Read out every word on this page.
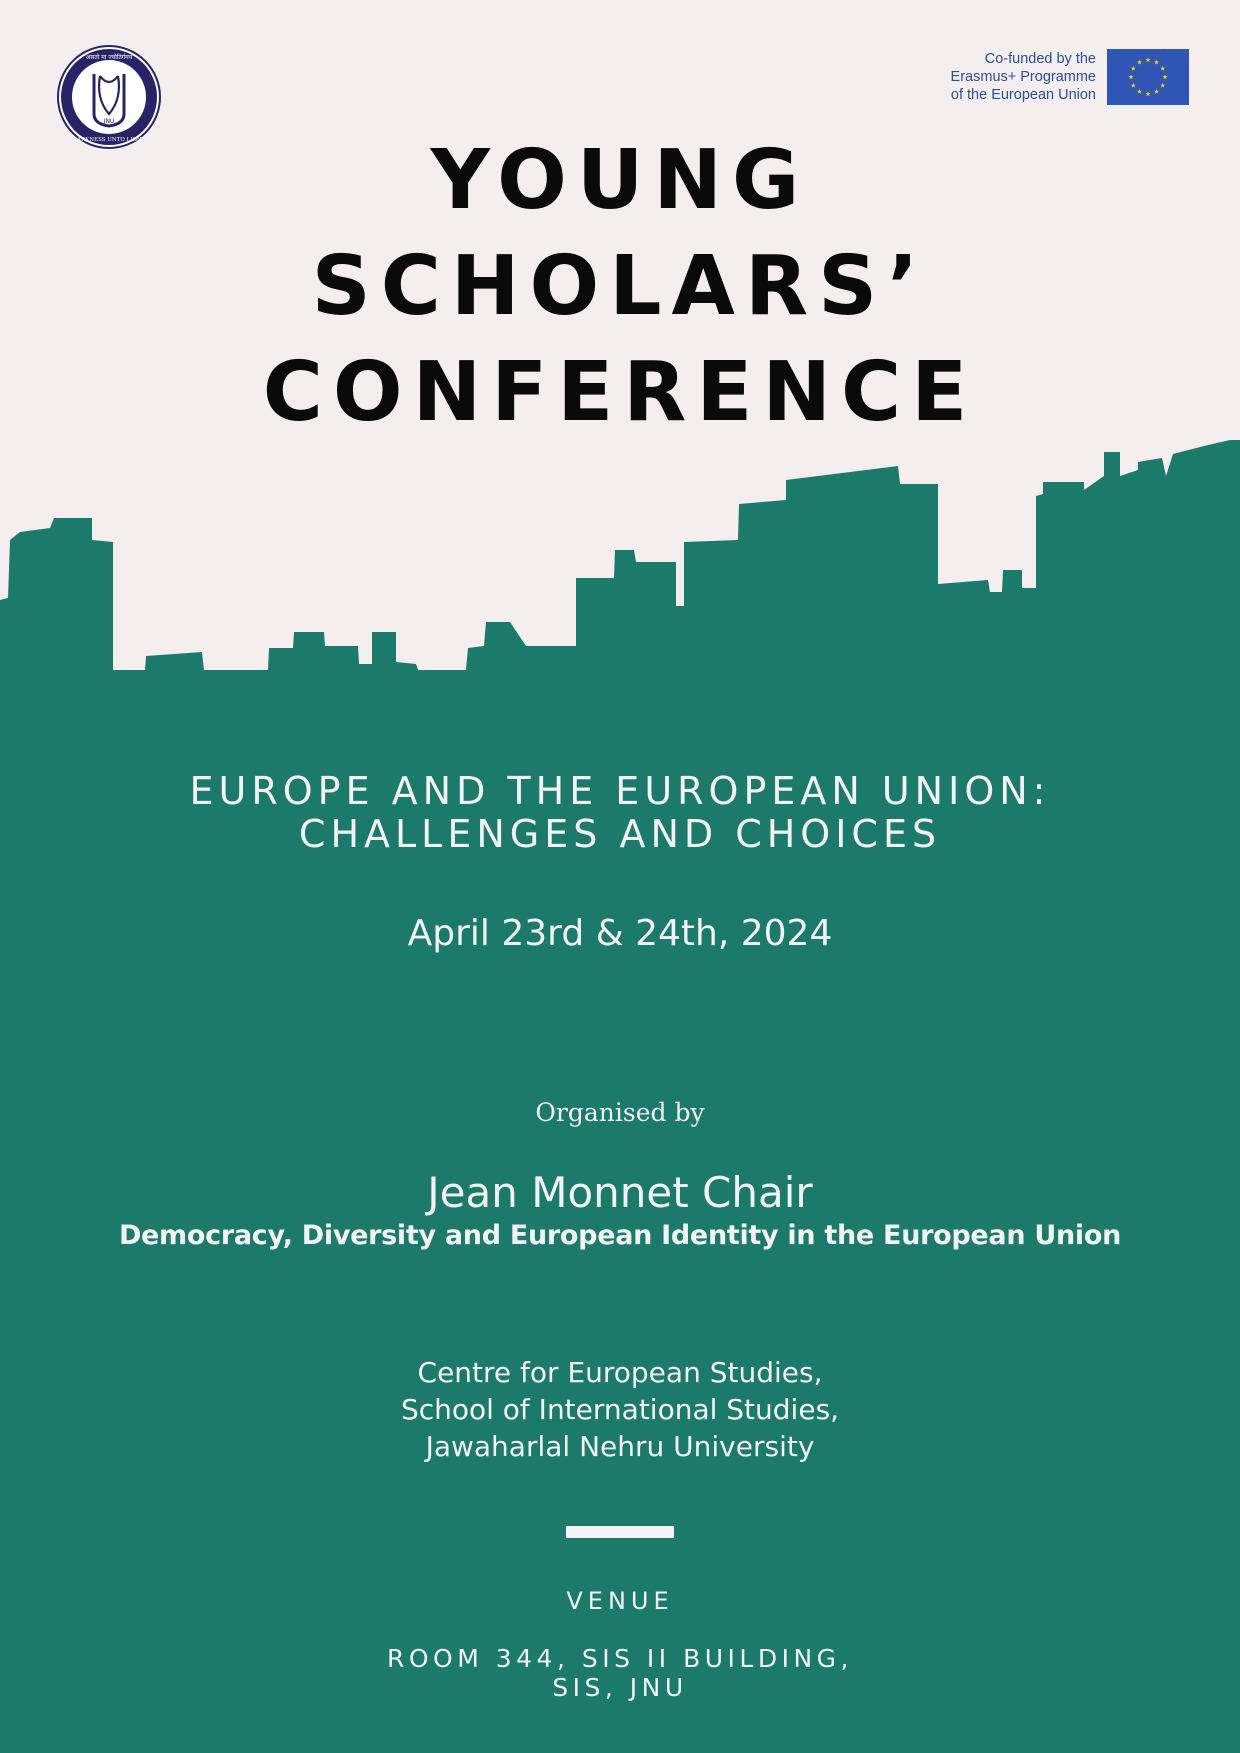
असतो मा ज्योतिर्गमय
DARKNESS UNTO LIGHT
JNU
Co-funded by the
Erasmus+ Programme
of the European Union
YOUNG
SCHOLARS’
CONFERENCE
EUROPE AND THE EUROPEAN UNION:
CHALLENGES AND CHOICES
April 23rd & 24th, 2024
Organised by
Jean Monnet Chair
Democracy, Diversity and European Identity in the European Union
Centre for European Studies,
School of International Studies,
Jawaharlal Nehru University
VENUE
ROOM 344, SIS II BUILDING,
SIS, JNU
